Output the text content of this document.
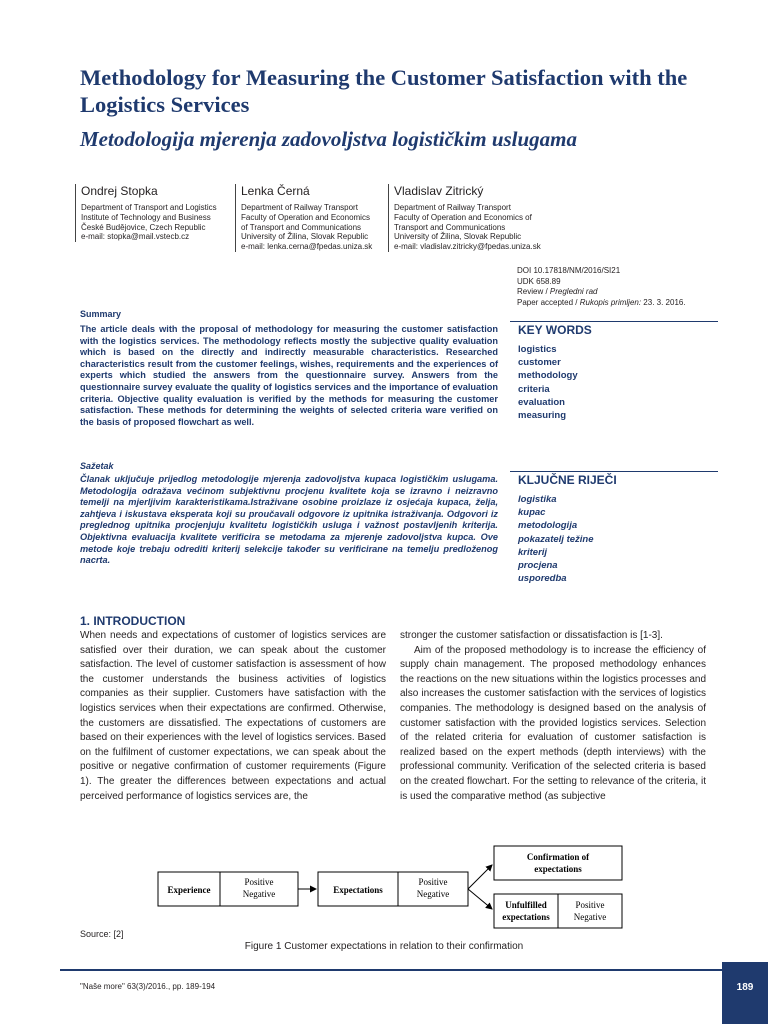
Methodology for Measuring the Customer Satisfaction with the Logistics Services
Metodologija mjerenja zadovoljstva logističkim uslugama
Ondrej Stopka
Department of Transport and Logistics
Institute of Technology and Business
České Budějovice, Czech Republic
e-mail: stopka@mail.vstecb.cz
Lenka Černá
Department of Railway Transport
Faculty of Operation and Economics
of Transport and Communications
University of Žilina, Slovak Republic
e-mail: lenka.cerna@fpedas.uniza.sk
Vladislav Zitrický
Department of Railway Transport
Faculty of Operation and Economics of
Transport and Communications
University of Žilina, Slovak Republic
e-mail: vladislav.zitricky@fpedas.uniza.sk
DOI 10.17818/NM/2016/SI21
UDK 658.89
Review / Pregledni rad
Paper accepted / Rukopis primljen: 23. 3. 2016.
Summary

The article deals with the proposal of methodology for measuring the customer satisfaction with the logistics services. The methodology reflects mostly the subjective quality evaluation which is based on the directly and indirectly measurable characteristics. Researched characteristics result from the customer feelings, wishes, requirements and the experiences of experts which studied the answers from the questionnaire survey. Answers from the questionnaire survey evaluate the quality of logistics services and the importance of evaluation criteria. Objective quality evaluation is verified by the methods for measuring the customer satisfaction. These methods for determining the weights of selected criteria ware verified on the basis of proposed flowchart as well.

KEY WORDS
logistics
customer
methodology
criteria
evaluation
measuring
Sažetak

Članak uključuje prijedlog metodologije mjerenja zadovoljstva kupaca logističkim uslugama. Metodologija odražava većinom subjektivnu procjenu kvalitete koja se izravno i neizravno temelji na mjerljivim karakteristikama.Istraživane osobine proizlaze iz osjećaja kupaca, želja, zahtjeva i iskustava eksperata koji su proučavali odgovore iz upitnika istraživanja. Odgovori iz preglednog upitnika procjenjuju kvalitetu logističkih usluga i važnost postavljenih kriterija. Objektivna evaluacija kvalitete verificira se metodama za mjerenje zadovoljstva kupca. Ove metode koje trebaju odrediti kriterij selekcije također su verificirane na temelju predloženog nacrta.

KLJUČNE RIJEČI
logistika
kupac
metodologija
pokazatelj težine
kriterij
procjena
usporedba
1. INTRODUCTION

When needs and expectations of customer of logistics services are satisfied over their duration, we can speak about the customer satisfaction. The level of customer satisfaction is assessment of how the customer understands the business activities of logistics companies as their supplier. Customers have satisfaction with the logistics services when their expectations are confirmed. Otherwise, the customers are dissatisfied. The expectations of customers are based on their experiences with the level of logistics services. Based on the fulfilment of customer expectations, we can speak about the positive or negative confirmation of customer requirements (Figure 1). The greater the differences between expectations and actual perceived performance of logistics services are, the

stronger the customer satisfaction or dissatisfaction is [1-3].

Aim of the proposed methodology is to increase the efficiency of supply chain management. The proposed methodology enhances the reactions on the new situations within the logistics processes and also increases the customer satisfaction with the services of logistics companies. The methodology is designed based on the analysis of customer satisfaction with the provided logistics services. Selection of the related criteria for evaluation of customer satisfaction is realized based on the expert methods (depth interviews) with the professional community. Verification of the selected criteria is based on the created flowchart. For the setting to relevance of the criteria, it is used the comparative method (as subjective

Experience
Positive
Negative	Expectations
Positive
Negative
Confirmation of
expectations
Unfulfilled
expectations
Positive
Negative
Source: [2]
Figure 1 Customer expectations in relation to their confirmation
"Naše more" 63(3)/2016., pp. 189-194	189
